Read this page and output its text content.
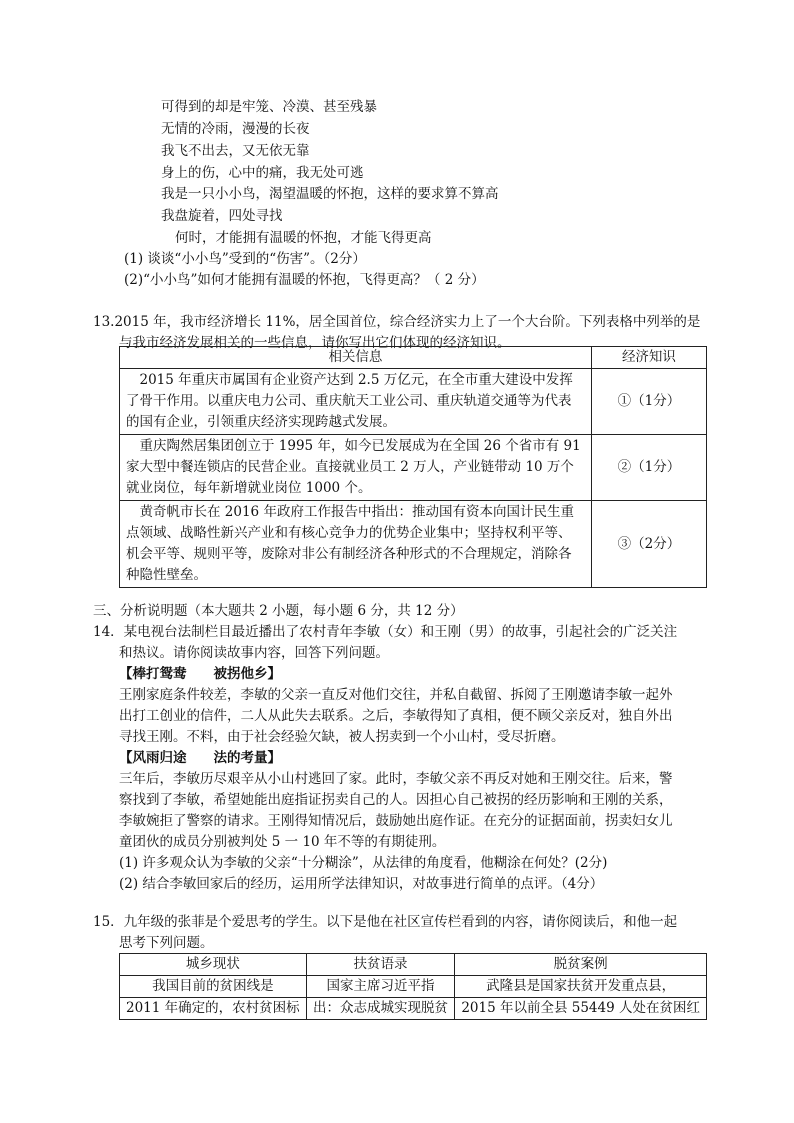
可得到的却是牢笼、冷漠、甚至残暴
无情的冷雨，漫漫的长夜
我飞不出去，又无依无靠
身上的伤，心中的痛，我无处可逃
我是一只小小鸟，渴望温暖的怀抱，这样的要求算不算高
我盘旋着，四处寻找
何时，才能拥有温暖的怀抱，才能飞得更高
(1) 谈谈“小小鸟”受到的“伤害”。（2分）
(2)“小小鸟”如何才能拥有温暖的怀抱，飞得更高？（ 2 分）
13.2015 年，我市经济增长 11%，居全国首位，综合经济实力上了一个大台阶。下列表格中列举的是
与我市经济发展相关的一些信息，请你写出它们体现的经济知识。
相关信息	经济知识

　2015 年重庆市属国有企业资产达到 2.5 万亿元，在全市重大建设中发挥
了骨干作用。以重庆电力公司、重庆航天工业公司、重庆轨道交通等为代表
的国有企业，引领重庆经济实现跨越式发展。	①（1分）

　重庆陶然居集团创立于 1995 年，如今已发展成为在全国 26 个省市有 91
家大型中餐连锁店的民营企业。直接就业员工 2 万人，产业链带动 10 万个
就业岗位，每年新增就业岗位 1000 个。	②（1分）

　黄奇帆市长在 2016 年政府工作报告中指出：推动国有资本向国计民生重
点领域、战略性新兴产业和有核心竞争力的优势企业集中；坚持权利平等、
机会平等、规则平等，废除对非公有制经济各种形式的不合理规定，消除各
种隐性壁垒。	③（2分）
三、分析说明题（本大题共 2 小题，每小题 6 分，共 12 分）
14．某电视台法制栏目最近播出了农村青年李敏（女）和王刚（男）的故事，引起社会的广泛关注
和热议。请你阅读故事内容，回答下列问题。
【棒打鸳鸯　　被拐他乡】
王刚家庭条件较差，李敏的父亲一直反对他们交往，并私自截留、拆阅了王刚邀请李敏一起外
出打工创业的信件，二人从此失去联系。之后，李敏得知了真相，便不顾父亲反对，独自外出
寻找王刚。不料，由于社会经验欠缺，被人拐卖到一个小山村，受尽折磨。
【风雨归途　　法的考量】
三年后，李敏历尽艰辛从小山村逃回了家。此时，李敏父亲不再反对她和王刚交往。后来，警
察找到了李敏，希望她能出庭指证拐卖自己的人。因担心自己被拐的经历影响和王刚的关系，
李敏婉拒了警察的请求。王刚得知情况后，鼓励她出庭作证。在充分的证据面前，拐卖妇女儿
童团伙的成员分别被判处 5 一 10 年不等的有期徒刑。
(1) 许多观众认为李敏的父亲“十分糊涂”，从法律的角度看，他糊涂在何处？(2分)
(2) 结合李敏回家后的经历，运用所学法律知识，对故事进行简单的点评。（4分）
15．九年级的张菲是个爱思考的学生。以下是他在社区宣传栏看到的内容，请你阅读后，和他一起
思考下列问题。
城乡现状	扶贫语录	脱贫案例
我国目前的贫困线是	国家主席习近平指	武隆县是国家扶贫开发重点县，
2011 年确定的，农村贫困标	出：众志成城实现脱贫	2015 年以前全县 55449 人处在贫困红
